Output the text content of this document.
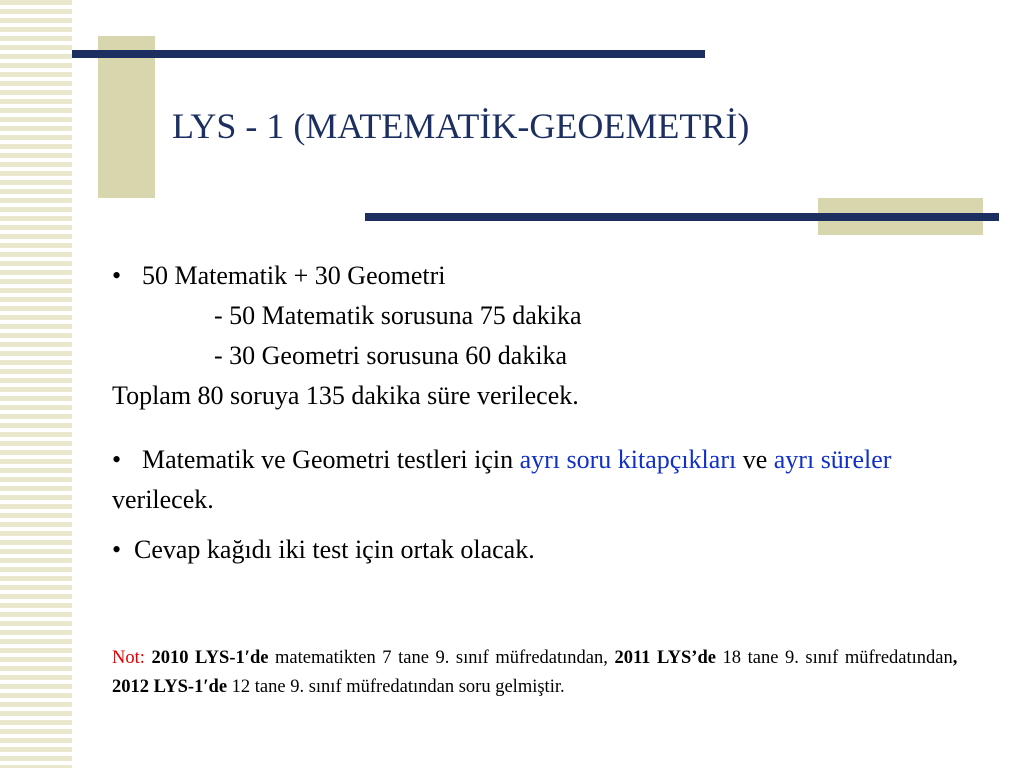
LYS - 1 (MATEMATİK-GEOEMETRİ)

• 50 Matematik + 30 Geometri

- 50 Matematik sorusuna 75 dakika

- 30 Geometri sorusuna 60 dakika

Toplam 80 soruya 135 dakika süre verilecek.

• Matematik ve Geometri testleri için ayrı soru kitapçıkları ve ayrı süreler verilecek.

• Cevap kağıdı iki test için ortak olacak.

Not: 2010 LYS-1′de matematikten 7 tane 9. sınıf müfredatından, 2011 LYS’de 18 tane 9. sınıf müfredatından,  2012 LYS-1′de 12 tane 9. sınıf müfredatından soru gelmiştir.
